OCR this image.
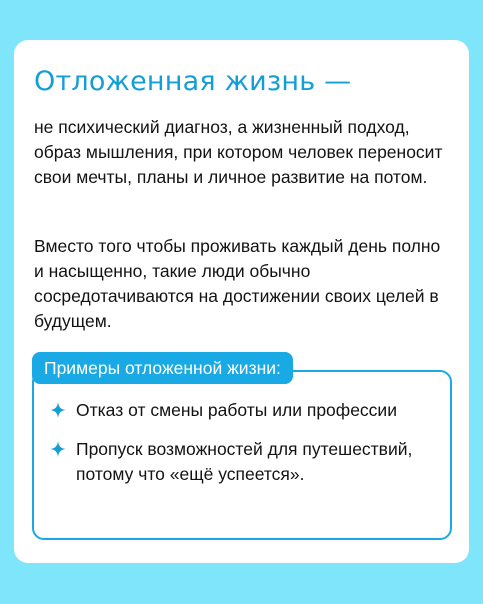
Отложенная жизнь —

не психический диагноз, а жизненный подход, образ мышления, при котором человек переносит свои мечты, планы и личное развитие на потом.

Вместо того чтобы проживать каждый день полно и насыщенно, такие люди обычно сосредотачиваются на достижении своих целей в будущем.

Примеры отложенной жизни:
Отказ от смены работы или профессии
Пропуск возможностей для путешествий, потому что «ещё успеется».
